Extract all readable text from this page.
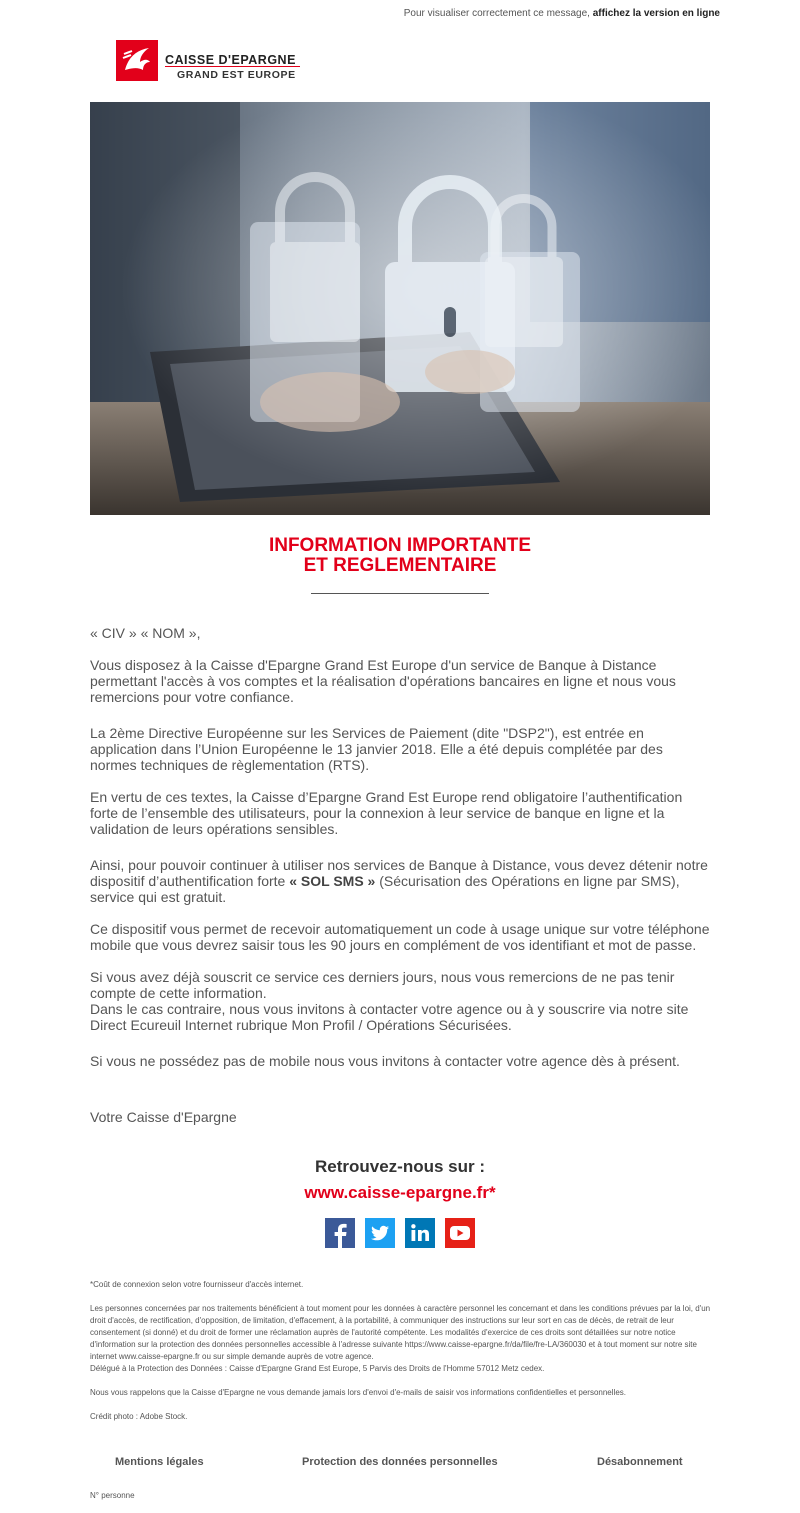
Pour visualiser correctement ce message, affichez la version en ligne
CAISSE D'EPARGNE
GRAND EST EUROPE
INFORMATION IMPORTANTE
ET REGLEMENTAIRE

« CIV » « NOM »,

Vous disposez à la Caisse d'Epargne Grand Est Europe d'un service de Banque à Distance permettant l'accès à vos comptes et la réalisation d'opérations bancaires en ligne et nous vous remercions pour votre confiance.

La 2ème Directive Européenne sur les Services de Paiement (dite "DSP2"), est entrée en application dans l’Union Européenne le 13 janvier 2018. Elle a été depuis complétée par des normes techniques de règlementation (RTS).

En vertu de ces textes, la Caisse d’Epargne Grand Est Europe rend obligatoire l’authentification forte de l’ensemble des utilisateurs, pour la connexion à leur service de banque en ligne et la validation de leurs opérations sensibles.

Ainsi, pour pouvoir continuer à utiliser nos services de Banque à Distance, vous devez détenir notre dispositif d’authentification forte « SOL SMS » (Sécurisation des Opérations en ligne par SMS), service qui est gratuit.

Ce dispositif vous permet de recevoir automatiquement un code à usage unique sur votre téléphone mobile que vous devrez saisir tous les 90 jours en complément de vos identifiant et mot de passe.

Si vous avez déjà souscrit ce service ces derniers jours, nous vous remercions de ne pas tenir compte de cette information.

Dans le cas contraire, nous vous invitons à contacter votre agence ou à y souscrire via notre site Direct Ecureuil Internet rubrique Mon Profil / Opérations Sécurisées.

Si vous ne possédez pas de mobile nous vous invitons à contacter votre agence dès à présent.

Votre Caisse d'Epargne

Retrouvez-nous sur :
www.caisse-epargne.fr*

*Coût de connexion selon votre fournisseur d'accès internet.

Les personnes concernées par nos traitements bénéficient à tout moment pour les données à caractère personnel les concernant et dans les conditions prévues par la loi, d'un droit d'accès, de rectification, d'opposition, de limitation, d'effacement, à la portabilité, à communiquer des instructions sur leur sort en cas de décès, de retrait de leur consentement (si donné) et du droit de former une réclamation auprès de l'autorité compétente. Les modalités d'exercice de ces droits sont détaillées sur notre notice d'information sur la protection des données personnelles accessible à l'adresse suivante https://www.caisse-epargne.fr/da/file/fre-LA/360030 et à tout moment sur notre site internet www.caisse-epargne.fr ou sur simple demande auprès de votre agence.

Délégué à la Protection des Données : Caisse d'Epargne Grand Est Europe, 5 Parvis des Droits de l'Homme 57012 Metz cedex.

Nous vous rappelons que la Caisse d'Epargne ne vous demande jamais lors d'envoi d'e-mails de saisir vos informations confidentielles et personnelles.

Crédit photo : Adobe Stock.

Mentions légales	Protection des données personnelles	Désabonnement
N° personne
